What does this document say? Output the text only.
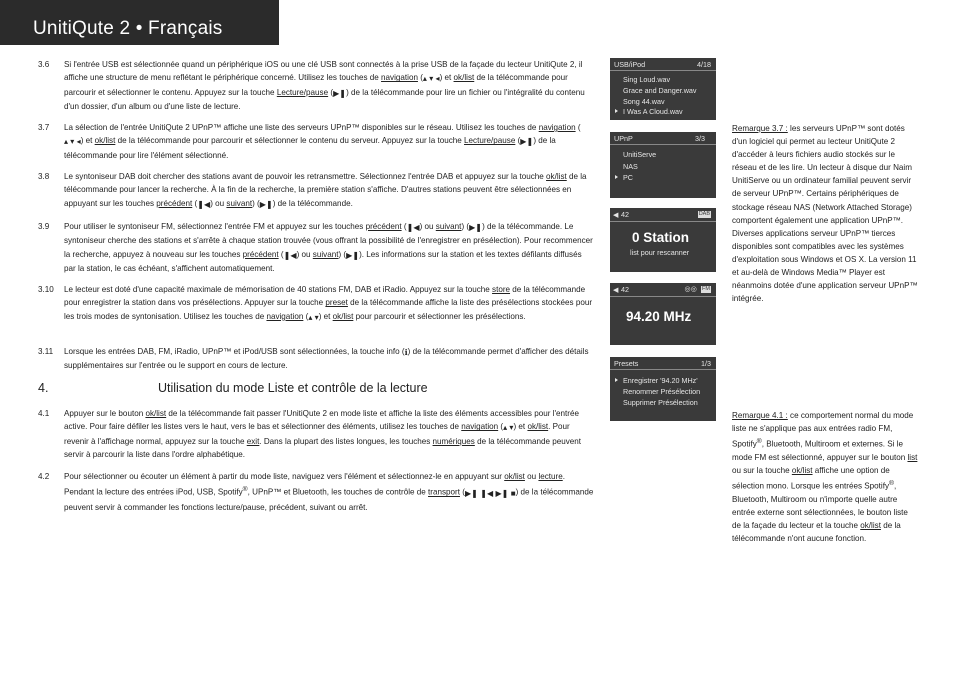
UnitiQute 2 • Français
3.6 Si l'entrée USB est sélectionnée quand un périphérique iOS ou une clé USB sont connectés à la prise USB de la façade du lecteur UnitiQute 2, il affiche une structure de menu reflétant le périphérique concerné. Utilisez les touches de navigation (▴ ▾ ◂) et ok/list de la télécommande pour parcourir et sélectionner le contenu. Appuyez sur la touche Lecture/pause (▶❚) de la télécommande pour lire un fichier ou l'intégralité du contenu d'un dossier, d'un album ou d'une liste de lecture.
3.7 La sélection de l'entrée UnitiQute 2 UPnP™ affiche une liste des serveurs UPnP™ disponibles sur le réseau. Utilisez les touches de navigation (▴ ▾ ◂) et ok/list de la télécommande pour parcourir et sélectionner le contenu du serveur. Appuyez sur la touche Lecture/pause (▶❚) de la télécommande pour lire l'élément sélectionné.
3.8 Le syntoniseur DAB doit chercher des stations avant de pouvoir les retransmettre. Sélectionnez l'entrée DAB et appuyez sur la touche ok/list de la télécommande pour lancer la recherche. À la fin de la recherche, la première station s'affiche. D'autres stations peuvent être sélectionnées en appuyant sur les touches précédent (❚◀) ou suivant) (▶❚) de la télécommande.
3.9 Pour utiliser le syntoniseur FM, sélectionnez l'entrée FM et appuyez sur les touches précédent (❚◀) ou suivant) (▶❚) de la télécommande. Le syntoniseur cherche des stations et s'arrête à chaque station trouvée (vous offrant la possibilité de l'enregistrer en présélection). Pour recommencer la recherche, appuyez à nouveau sur les touches précédent (❚◀) ou suivant) (▶❚). Les informations sur la station et les textes défilants diffusés par la station, le cas échéant, s'affichent automatiquement.
3.10 Le lecteur est doté d'une capacité maximale de mémorisation de 40 stations FM, DAB et iRadio. Appuyez sur la touche store de la télécommande pour enregistrer la station dans vos présélections. Appuyer sur la touche preset de la télécommande affiche la liste des présélections stockées pour les trois modes de syntonisation. Utilisez les touches de navigation (▴ ▾) et ok/list pour parcourir et sélectionner les présélections.
3.11 Lorsque les entrées DAB, FM, iRadio, UPnP™ et iPod/USB sont sélectionnées, la touche info (ℹ) de la télécommande permet d'afficher des détails supplémentaires sur l'entrée ou le support en cours de lecture.
4.	Utilisation du mode Liste et contrôle de la lecture
4.1 Appuyer sur le bouton ok/list de la télécommande fait passer l'UnitiQute 2 en mode liste et affiche la liste des éléments accessibles pour l'entrée active. Pour faire défiler les listes vers le haut, vers le bas et sélectionner des éléments, utilisez les touches de navigation (▴ ▾) et ok/list. Pour revenir à l'affichage normal, appuyez sur la touche exit. Dans la plupart des listes longues, les touches numériques de la télécommande peuvent servir à parcourir la liste dans l'ordre alphabétique.
4.2 Pour sélectionner ou écouter un élément à partir du mode liste, naviguez vers l'élément et sélectionnez-le en appuyant sur ok/list ou lecture. Pendant la lecture des entrées iPod, USB, Spotify®, UPnP™ et Bluetooth, les touches de contrôle de transport (▶❚ ❚◀ ▶❚ ■) de la télécommande peuvent servir à commander les fonctions lecture/pause, précédent, suivant ou arrêt.
USB/iPod	4/18
Sing Loud.wav
Grace and Danger.wav
Song 44.wav
I Was A Cloud.wav
UPnP	3/3
UnitiServe
NAS
PC
◀ 42	DAB
0 Station
list pour rescanner
◀ 42	◎◎ FM
94.20 MHz
Presets	1/3
Enregistrer '94.20 MHz'
Renommer Présélection
Supprimer Présélection
Remarque 3.7 : les serveurs UPnP™ sont dotés d'un logiciel qui permet au lecteur UnitiQute 2 d'accéder à leurs fichiers audio stockés sur le réseau et de les lire. Un lecteur à disque dur Naim UnitiServe ou un ordinateur familial peuvent servir de serveur UPnP™. Certains périphériques de stockage réseau NAS (Network Attached Storage) comportent également une application UPnP™. Diverses applications serveur UPnP™ tierces disponibles sont compatibles avec les systèmes d'exploitation sous Windows et OS X. La version 11 et au-delà de Windows Media™ Player est néanmoins dotée d'une application serveur UPnP™ intégrée.
Remarque 4.1 : ce comportement normal du mode liste ne s'applique pas aux entrées radio FM, Spotify®, Bluetooth, Multiroom et externes. Si le mode FM est sélectionné, appuyer sur le bouton list ou sur la touche ok/list affiche une option de sélection mono. Lorsque les entrées Spotify®, Bluetooth, Multiroom ou n'importe quelle autre entrée externe sont sélectionnées, le bouton liste de la façade du lecteur et la touche ok/list de la télécommande n'ont aucune fonction.
